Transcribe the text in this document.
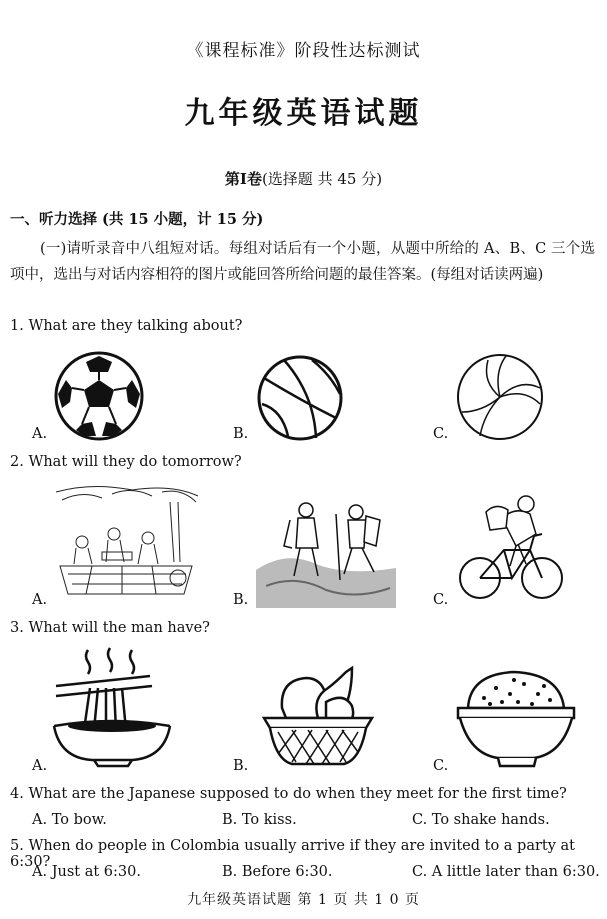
《课程标准》阶段性达标测试
九年级英语试题
第Ⅰ卷(选择题 共 45 分)
一、听力选择 (共 15 小题，计 15 分)
(一)请听录音中八组短对话。每组对话后有一个小题，从题中所给的 A、B、C 三个选项中，选出与对话内容相符的图片或能回答所给问题的最佳答案。(每组对话读两遍)
1. What are they talking about?
A.	B.	C.
2. What will they do tomorrow?
A.	B.	C.
3. What will the man have?
A.	B.	C.
4. What are the Japanese supposed to do when they meet for the first time?
A. To bow.	B. To kiss.	C. To shake hands.
5. When do people in Colombia usually arrive if they are invited to a party at 6:30?
A. Just at 6:30.	B. Before 6:30.	C. A little later than 6:30.
九年级英语试题 第 1 页 共 1 0 页
